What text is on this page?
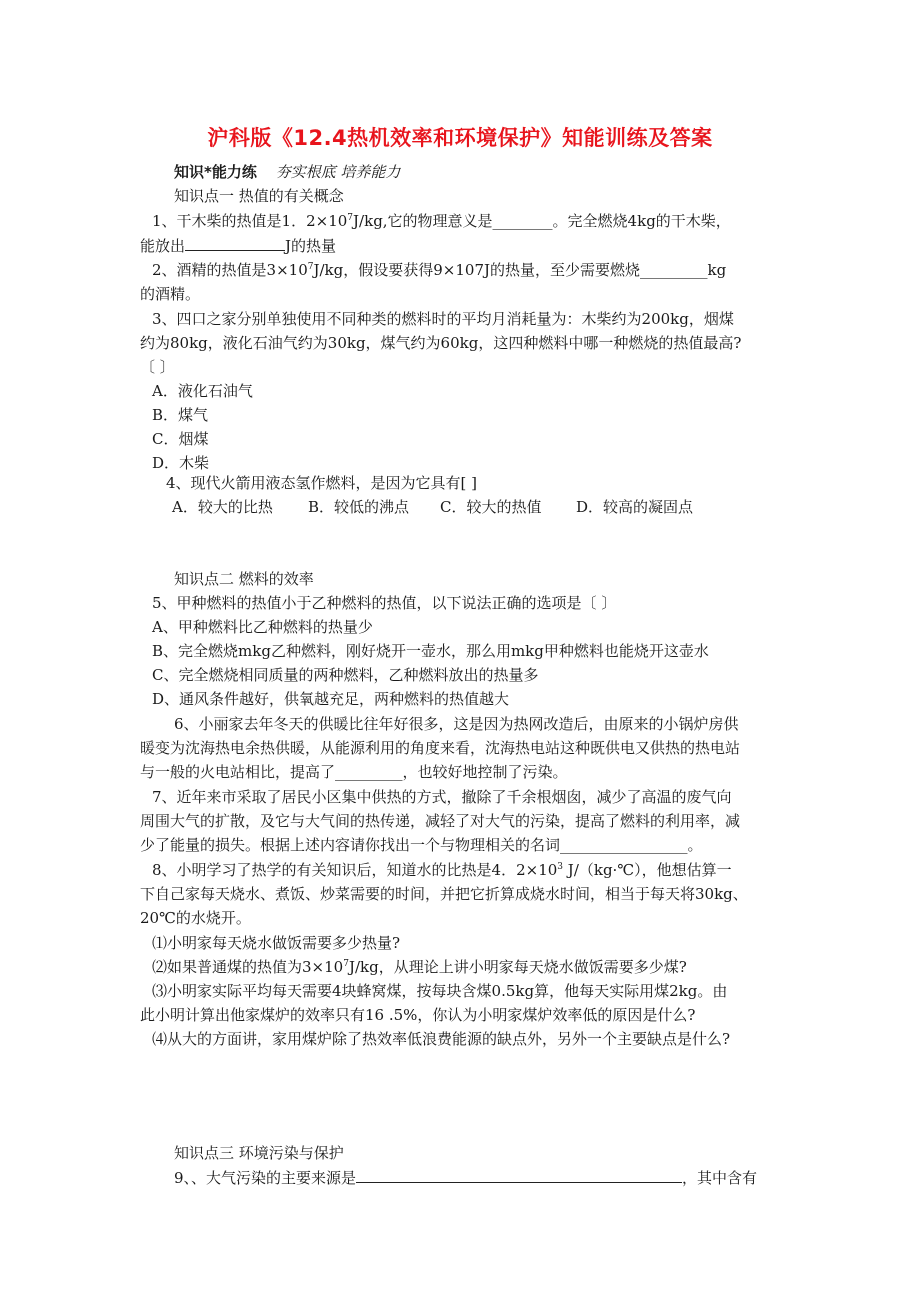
沪科版《12.4热机效率和环境保护》知能训练及答案
知识*能力练 夯实根底 培养能力
知识点一 热值的有关概念
1、干木柴的热值是1．$2\times 10^7J/kg$,它的物理意义是________。完全燃烧4kg的干木柴，
能放出	J的热量
2、酒精的热值是$3\times 10^7J/kg$，假设要获得9×107J的热量，至少需要燃烧_________kg
的酒精。
3、四口之家分别单独使用不同种类的燃料时的平均月消耗量为：木柴约为200kg，烟煤
约为80kg，液化石油气约为30kg，煤气约为60kg，这四种燃料中哪一种燃烧的热值最高?
〔 〕
A．液化石油气
B．煤气
C．烟煤
D．木柴
4、现代火箭用液态氢作燃料，是因为它具有[ ]
A．较大的比热 B．较低的沸点 C．较大的热值 D．较高的凝固点
知识点二 燃料的效率
5、甲种燃料的热值小于乙种燃料的热值，以下说法正确的选项是〔 〕
A、甲种燃料比乙种燃料的热量少
B、完全燃烧mkg乙种燃料，刚好烧开一壶水，那么用mkg甲种燃料也能烧开这壶水
C、完全燃烧相同质量的两种燃料，乙种燃料放出的热量多
D、通风条件越好，供氧越充足，两种燃料的热值越大
6、小丽家去年冬天的供暖比往年好很多，这是因为热网改造后，由原来的小锅炉房供
暖变为沈海热电余热供暖，从能源利用的角度来看，沈海热电站这种既供电又供热的热电站
与一般的火电站相比，提高了_________，也较好地控制了污染。
7、近年来市采取了居民小区集中供热的方式，撤除了千余根烟囱，减少了高温的废气向
周围大气的扩散，及它与大气间的热传递，减轻了对大气的污染，提高了燃料的利用率，减
少了能量的损失。根据上述内容请你找出一个与物理相关的名词_________________。
8、小明学习了热学的有关知识后，知道水的比热是4．$2\times 10^3$ J/（kg·℃），他想估算一
下自己家每天烧水、煮饭、炒菜需要的时间，并把它折算成烧水时间，相当于每天将30kg、
20℃的水烧开。
⑴小明家每天烧水做饭需要多少热量?
⑵如果普通煤的热值为$3\times 10^7J/kg$，从理论上讲小明家每天烧水做饭需要多少煤?
⑶小明家实际平均每天需要4块蜂窝煤，按每块含煤0.5kg算，他每天实际用煤2kg。由
此小明计算出他家煤炉的效率只有16 .5%，你认为小明家煤炉效率低的原因是什么?
⑷从大的方面讲，家用煤炉除了热效率低浪费能源的缺点外，另外一个主要缺点是什么?
知识点三 环境污染与保护
9、、大气污染的主要来源是	，其中含有
